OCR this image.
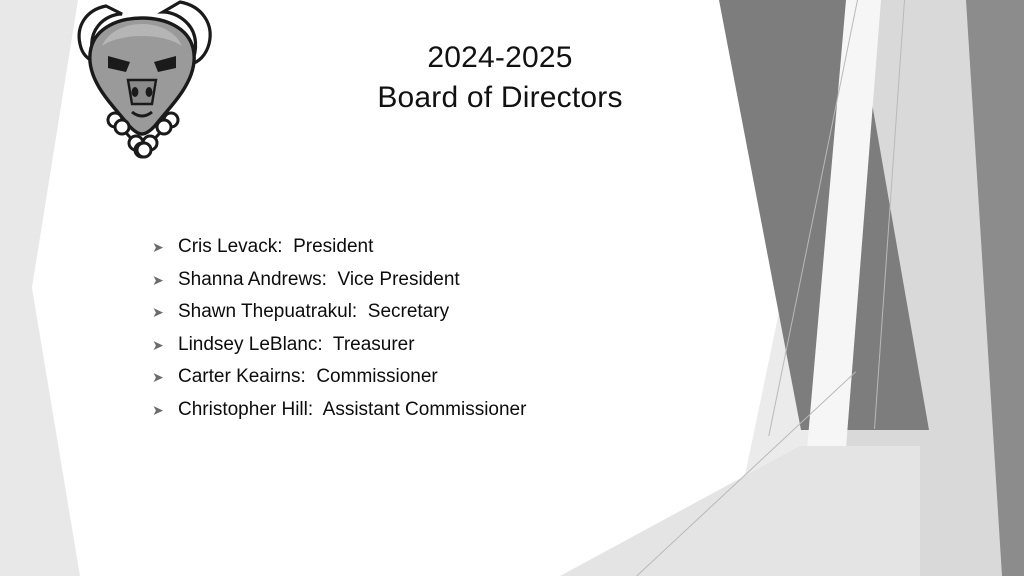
2024-2025
Board of Directors
➤ Cris Levack:  President
➤ Shanna Andrews:  Vice President
➤ Shawn Thepuatrakul:  Secretary
➤ Lindsey LeBlanc:  Treasurer
➤ Carter Keairns:  Commissioner
➤ Christopher Hill:  Assistant Commissioner
